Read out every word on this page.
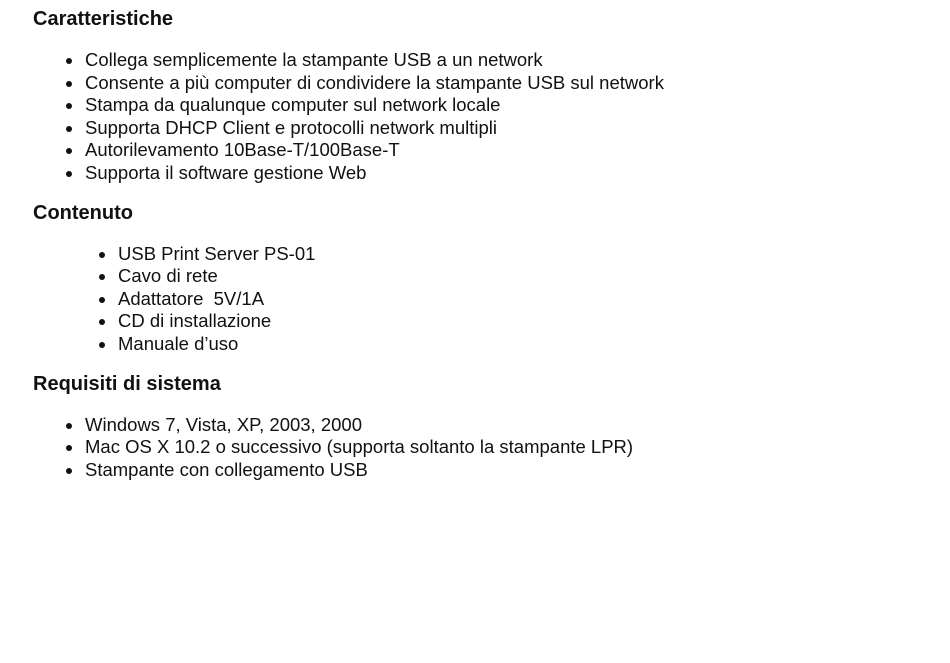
Caratteristiche
Collega semplicemente la stampante USB a un network
Consente a più computer di condividere la stampante USB sul network
Stampa da qualunque computer sul network locale
Supporta DHCP Client e protocolli network multipli
Autorilevamento 10Base-T/100Base-T
Supporta il software gestione Web
Contenuto
USB Print Server PS-01
Cavo di rete
Adattatore  5V/1A
CD di installazione
Manuale d’uso
Requisiti di sistema
Windows 7, Vista, XP, 2003, 2000
Mac OS X 10.2 o successivo (supporta soltanto la stampante LPR)
Stampante con collegamento USB
